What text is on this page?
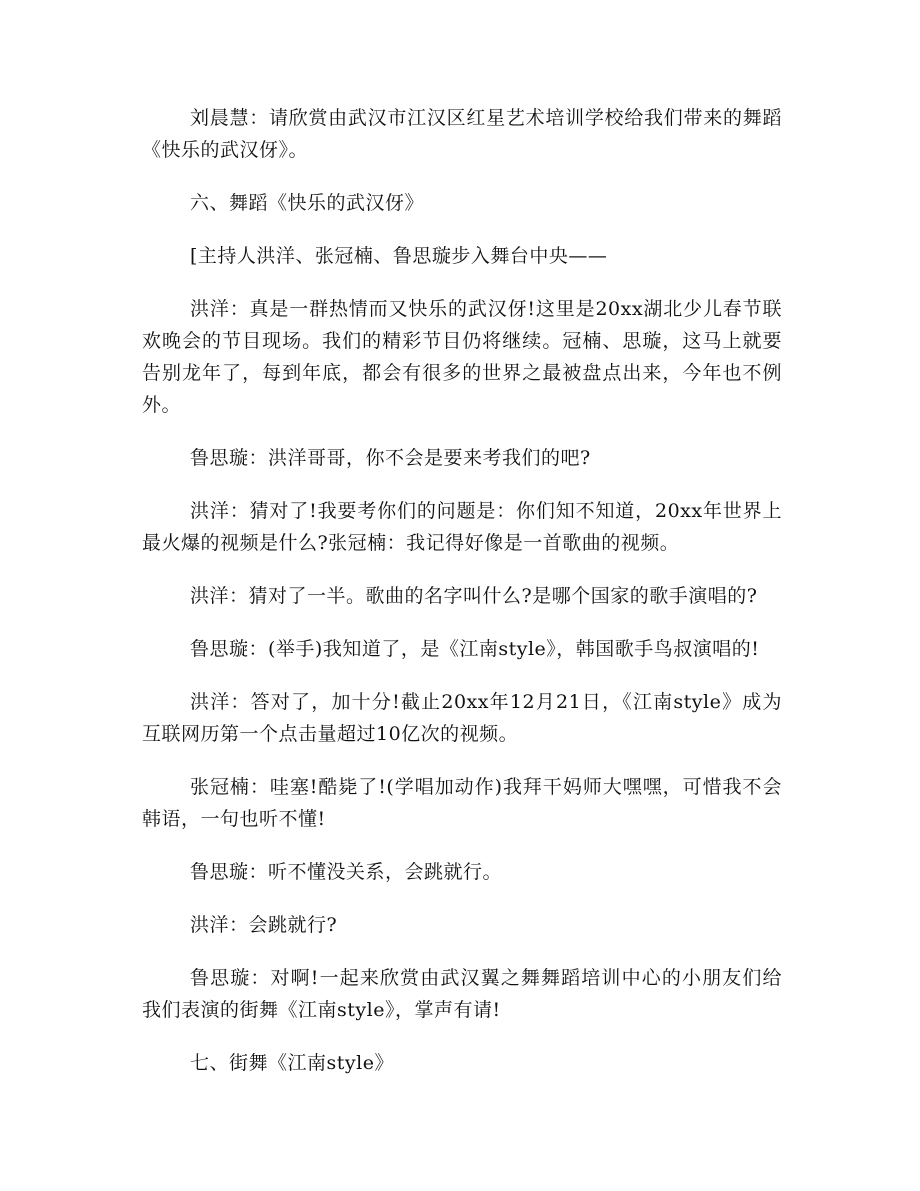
刘晨慧：请欣赏由武汉市江汉区红星艺术培训学校给我们带来的舞蹈《快乐的武汉伢》。

六、舞蹈《快乐的武汉伢》

[主持人洪洋、张冠楠、鲁思璇步入舞台中央——

洪洋：真是一群热情而又快乐的武汉伢!这里是20xx湖北少儿春节联欢晚会的节目现场。我们的精彩节目仍将继续。冠楠、思璇，这马上就要告别龙年了，每到年底，都会有很多的世界之最被盘点出来，今年也不例外。

鲁思璇：洪洋哥哥，你不会是要来考我们的吧?

洪洋：猜对了!我要考你们的问题是：你们知不知道，20xx年世界上最火爆的视频是什么?张冠楠：我记得好像是一首歌曲的视频。

洪洋：猜对了一半。歌曲的名字叫什么?是哪个国家的歌手演唱的?

鲁思璇：(举手)我知道了，是《江南style》，韩国歌手鸟叔演唱的!

洪洋：答对了，加十分!截止20xx年12月21日，《江南style》成为互联网历第一个点击量超过10亿次的视频。

张冠楠：哇塞!酷毙了!(学唱加动作)我拜干妈师大嘿嘿，可惜我不会韩语，一句也听不懂!

鲁思璇：听不懂没关系，会跳就行。

洪洋：会跳就行?

鲁思璇：对啊!一起来欣赏由武汉翼之舞舞蹈培训中心的小朋友们给我们表演的街舞《江南style》，掌声有请!

七、街舞《江南style》
